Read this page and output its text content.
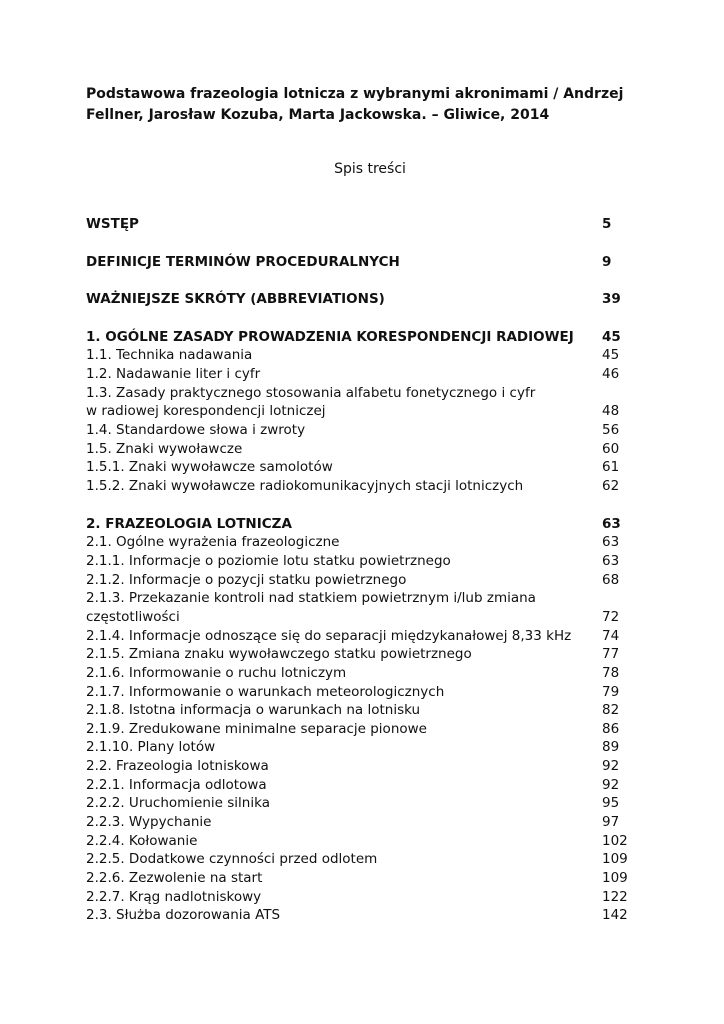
Podstawowa frazeologia lotnicza z wybranymi akronimami / Andrzej
Fellner, Jarosław Kozuba, Marta Jackowska. – Gliwice, 2014
Spis treści
WSTĘP	5
DEFINICJE TERMINÓW PROCEDURALNYCH	9
WAŻNIEJSZE SKRÓTY (ABBREVIATIONS)	39
1. OGÓLNE ZASADY PROWADZENIA KORESPONDENCJI RADIOWEJ 45
1.1. Technika nadawania	45
1.2. Nadawanie liter i cyfr	46
1.3. Zasady praktycznego stosowania alfabetu fonetycznego i cyfr
w radiowej korespondencji lotniczej	48
1.4. Standardowe słowa i zwroty	56
1.5. Znaki wywoławcze	60
1.5.1. Znaki wywoławcze samolotów	61
1.5.2. Znaki wywoławcze radiokomunikacyjnych stacji lotniczych	62
2. FRAZEOLOGIA LOTNICZA	63
2.1. Ogólne wyrażenia frazeologiczne	63
2.1.1. Informacje o poziomie lotu statku powietrznego	63
2.1.2. Informacje o pozycji statku powietrznego	68
2.1.3. Przekazanie kontroli nad statkiem powietrznym i/lub zmiana
częstotliwości	72
2.1.4. Informacje odnoszące się do separacji międzykanałowej 8,33 kHz 74
2.1.5. Zmiana znaku wywoławczego statku powietrznego	77
2.1.6. Informowanie o ruchu lotniczym	78
2.1.7. Informowanie o warunkach meteorologicznych	79
2.1.8. Istotna informacja o warunkach na lotnisku	82
2.1.9. Zredukowane minimalne separacje pionowe	86
2.1.10. Plany lotów	89
2.2. Frazeologia lotniskowa	92
2.2.1. Informacja odlotowa	92
2.2.2. Uruchomienie silnika	95
2.2.3. Wypychanie	97
2.2.4. Kołowanie	102
2.2.5. Dodatkowe czynności przed odlotem	109
2.2.6. Zezwolenie na start	109
2.2.7. Krąg nadlotniskowy	122
2.3. Służba dozorowania ATS	142
